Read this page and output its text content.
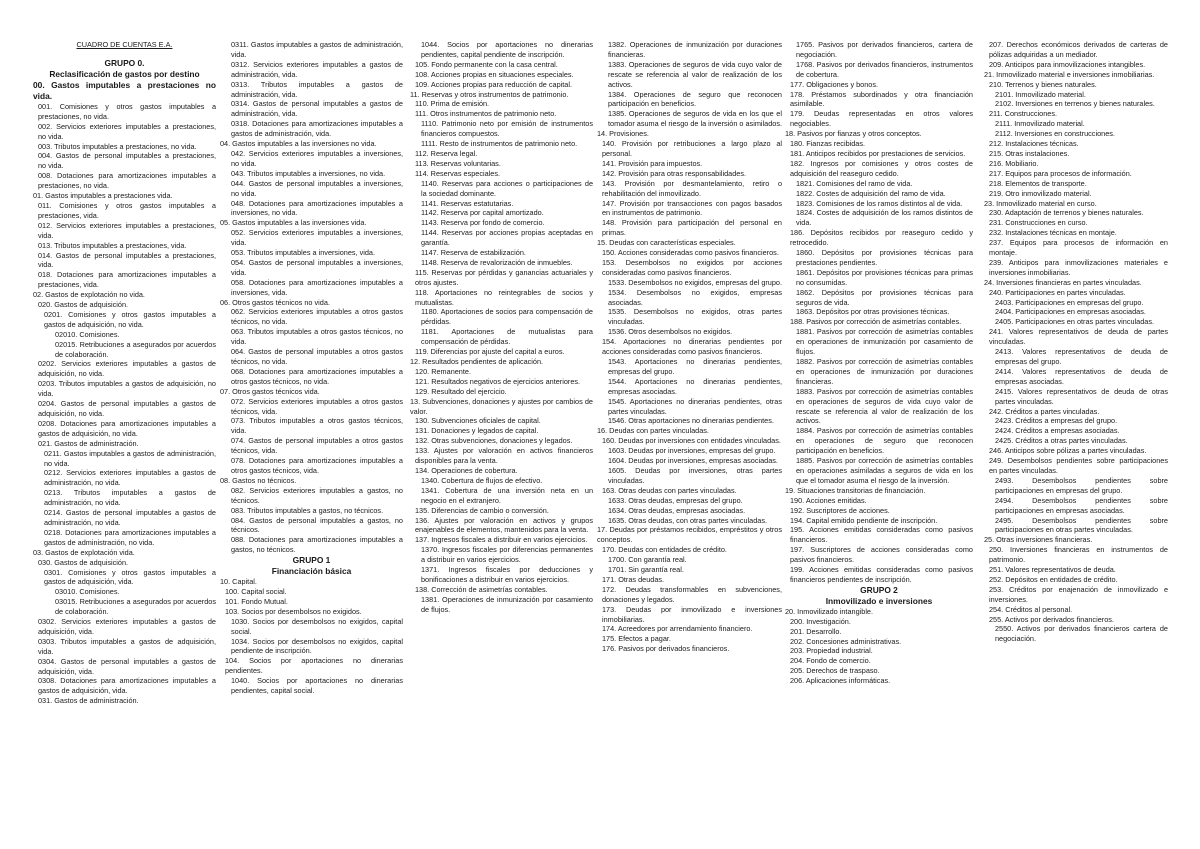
CUADRO DE CUENTAS E.A.

GRUPO 0.

Reclasificación de gastos por destino

00. Gastos imputables a prestaciones no vida.

001. Comisiones y otros gastos imputables a prestaciones, no vida.

002. Servicios exteriores imputables a prestaciones, no vida.

003. Tributos imputables a prestaciones, no vida.

004. Gastos de personal imputables a prestaciones, no vida.

008. Dotaciones para amortizaciones imputables a prestaciones, no vida.

01. Gastos imputables a prestaciones vida.

011. Comisiones y otros gastos imputables a prestaciones, vida.

012. Servicios exteriores imputables a prestaciones, vida.

013. Tributos imputables a prestaciones, vida.

014. Gastos de personal imputables a prestaciones, vida.

018. Dotaciones para amortizaciones imputables a prestaciones, vida.

02. Gastos de explotación no vida.

020. Gastos de adquisición.

0201. Comisiones y otros gastos imputables a gastos de adquisición, no vida.

02010. Comisiones.

02015. Retribuciones a asegurados por acuerdos de colaboración.

0202. Servicios exteriores imputables a gastos de adquisición, no vida.

0203. Tributos imputables a gastos de adquisición, no vida.

0204. Gastos de personal imputables a gastos de adquisición, no vida.

0208. Dotaciones para amortizaciones imputables a gastos de adquisición, no vida.

021. Gastos de administración.

0211. Gastos imputables a gastos de administración, no vida.

0212. Servicios exteriores imputables a gastos de administración, no vida.

0213. Tributos imputables a gastos de administración, no vida.

0214. Gastos de personal imputables a gastos de administración, no vida.

0218. Dotaciones para amortizaciones imputables a gastos de administración, no vida.

03. Gastos de explotación vida.

030. Gastos de adquisición.

0301. Comisiones y otros gastos imputables a gastos de adquisición, vida.

03010. Comisiones.

03015. Retribuciones a asegurados por acuerdos de colaboración.

0302. Servicios exteriores imputables a gastos de adquisición, vida.

0303. Tributos imputables a gastos de adquisición, vida.

0304. Gastos de personal imputables a gastos de adquisición, vida.

0308. Dotaciones para amortizaciones imputables a gastos de adquisición, vida.

031. Gastos de administración.

0311. Gastos imputables a gastos de administración, vida.

0312. Servicios exteriores imputables a gastos de administración, vida.

0313. Tributos imputables a gastos de administración, vida.

0314. Gastos de personal imputables a gastos de administración, vida.

0318. Dotaciones para amortizaciones imputables a gastos de administración, vida.

04. Gastos imputables a las inversiones no vida.

042. Servicios exteriores imputables a inversiones, no vida.

043. Tributos imputables a inversiones, no vida.

044. Gastos de personal imputables a inversiones, no vida.

048. Dotaciones para amortizaciones imputables a inversiones, no vida.

05. Gastos imputables a las inversiones vida.

052. Servicios exteriores imputables a inversiones, vida.

053. Tributos imputables a inversiones, vida.

054. Gastos de personal imputables a inversiones, vida.

058. Dotaciones para amortizaciones imputables a inversiones, vida.

06. Otros gastos técnicos no vida.

062. Servicios exteriores imputables a otros gastos técnicos, no vida.

063. Tributos imputables a otros gastos técnicos, no vida.

064. Gastos de personal imputables a otros gastos técnicos, no vida.

068. Dotaciones para amortizaciones imputables a otros gastos técnicos, no vida.

07. Otros gastos técnicos vida.

072. Servicios exteriores imputables a otros gastos técnicos, vida.

073. Tributos imputables a otros gastos técnicos, vida.

074. Gastos de personal imputables a otros gastos técnicos, vida.

078. Dotaciones para amortizaciones imputables a otros gastos técnicos, vida.

08. Gastos no técnicos.

082. Servicios exteriores imputables a gastos, no técnicos.

083. Tributos imputables a gastos, no técnicos.

084. Gastos de personal imputables a gastos, no técnicos.

088. Dotaciones para amortizaciones imputables a gastos, no técnicos.

GRUPO 1

Financiación básica

10. Capital.

100. Capital social.

101. Fondo Mutual.

103. Socios por desembolsos no exigidos.

1030. Socios por desembolsos no exigidos, capital social.

1034. Socios por desembolsos no exigidos, capital pendiente de inscripción.

104. Socios por aportaciones no dinerarias pendientes.

1040. Socios por aportaciones no dinerarias pendientes, capital social.

1044. Socios por aportaciones no dinerarias pendientes, capital pendiente de inscripción.

105. Fondo permanente con la casa central.

108. Acciones propias en situaciones especiales.

109. Acciones propias para reducción de capital.

11. Reservas y otros instrumentos de patrimonio.

110. Prima de emisión.

111. Otros instrumentos de patrimonio neto.

1110. Patrimonio neto por emisión de instrumentos financieros compuestos.

1111. Resto de instrumentos de patrimonio neto.

112. Reserva legal.

113. Reservas voluntarias.

114. Reservas especiales.

1140. Reservas para acciones o participaciones de la sociedad dominante.

1141. Reservas estatutarias.

1142. Reserva por capital amortizado.

1143. Reserva por fondo de comercio.

1144. Reservas por acciones propias aceptadas en garantía.

1147. Reserva de estabilización.

1148. Reserva de revalorización de inmuebles.

115. Reservas por pérdidas y ganancias actuariales y otros ajustes.

118. Aportaciones no reintegrables de socios y mutualistas.

1180. Aportaciones de socios para compensación de pérdidas.

1181. Aportaciones de mutualistas para compensación de pérdidas.

119. Diferencias por ajuste del capital a euros.

12. Resultados pendientes de aplicación.

120. Remanente.

121. Resultados negativos de ejercicios anteriores.

129. Resultado del ejercicio.

13. Subvenciones, donaciones y ajustes por cambios de valor.

130. Subvenciones oficiales de capital.

131. Donaciones y legados de capital.

132. Otras subvenciones, donaciones y legados.

133. Ajustes por valoración en activos financieros disponibles para la venta.

134. Operaciones de cobertura.

1340. Cobertura de flujos de efectivo.

1341. Cobertura de una inversión neta en un negocio en el extranjero.

135. Diferencias de cambio o conversión.

136. Ajustes por valoración en activos y grupos enajenables de elementos, mantenidos para la venta.

137. Ingresos fiscales a distribuir en varios ejercicios.

1370. Ingresos fiscales por diferencias permanentes a distribuir en varios ejercicios.

1371. Ingresos fiscales por deducciones y bonificaciones a distribuir en varios ejercicios.

138. Corrección de asimetrías contables.

1381. Operaciones de inmunización por casamiento de flujos.

1382. Operaciones de inmunización por duraciones financieras.

1383. Operaciones de seguros de vida cuyo valor de rescate se referencia al valor de realización de los activos.

1384. Operaciones de seguro que reconocen participación en beneficios.

1385. Operaciones de seguros de vida en los que el tomador asuma el riesgo de la inversión o asimilados.

14. Provisiones.

140. Provisión por retribuciones a largo plazo al personal.

141. Provisión para impuestos.

142. Provisión para otras responsabilidades.

143. Provisión por desmantelamiento, retiro o rehabilitación del inmovilizado.

147. Provisión por transacciones con pagos basados en instrumentos de patrimonio.

148. Provisión para participación del personal en primas.

15. Deudas con características especiales.

150. Acciones consideradas como pasivos financieros.

153. Desembolsos no exigidos por acciones consideradas como pasivos financieros.

1533. Desembolsos no exigidos, empresas del grupo.

1534. Desembolsos no exigidos, empresas asociadas.

1535. Desembolsos no exigidos, otras partes vinculadas.

1536. Otros desembolsos no exigidos.

154. Aportaciones no dinerarias pendientes por acciones consideradas como pasivos financieros.

1543. Aportaciones no dinerarias pendientes, empresas del grupo.

1544. Aportaciones no dinerarias pendientes, empresas asociadas.

1545. Aportaciones no dinerarias pendientes, otras partes vinculadas.

1546. Otras aportaciones no dinerarias pendientes.

16. Deudas con partes vinculadas.

160. Deudas por inversiones con entidades vinculadas.

1603. Deudas por inversiones, empresas del grupo.

1604. Deudas por inversiones, empresas asociadas.

1605. Deudas por inversiones, otras partes vinculadas.

163. Otras deudas con partes vinculadas.

1633. Otras deudas, empresas del grupo.

1634. Otras deudas, empresas asociadas.

1635. Otras deudas, con otras partes vinculadas.

17. Deudas por préstamos recibidos, empréstitos y otros conceptos.

170. Deudas con entidades de crédito.

1700. Con garantía real.

1701. Sin garantía real.

171. Otras deudas.

172. Deudas transformables en subvenciones, donaciones y legados.

173. Deudas por inmovilizado e inversiones inmobiliarias.

174. Acreedores por arrendamiento financiero.

175. Efectos a pagar.

176. Pasivos por derivados financieros.

1765. Pasivos por derivados financieros, cartera de negociación.

1768. Pasivos por derivados financieros, instrumentos de cobertura.

177. Obligaciones y bonos.

178. Préstamos subordinados y otra financiación asimilable.

179. Deudas representadas en otros valores negociables.

18. Pasivos por fianzas y otros conceptos.

180. Fianzas recibidas.

181. Anticipos recibidos por prestaciones de servicios.

182. Ingresos por comisiones y otros costes de adquisición del reaseguro cedido.

1821. Comisiones del ramo de vida.

1822. Costes de adquisición del ramo de vida.

1823. Comisiones de los ramos distintos al de vida.

1824. Costes de adquisición de los ramos distintos de vida.

186. Depósitos recibidos por reaseguro cedido y retrocedido.

1860. Depósitos por provisiones técnicas para prestaciones pendientes.

1861. Depósitos por provisiones técnicas para primas no consumidas.

1862. Depósitos por provisiones técnicas para seguros de vida.

1863. Depósitos por otras provisiones técnicas.

188. Pasivos por corrección de asimetrías contables.

1881. Pasivos por corrección de asimetrías contables en operaciones de inmunización por casamiento de flujos.

1882. Pasivos por corrección de asimetrías contables en operaciones de inmunización por duraciones financieras.

1883. Pasivos por corrección de asimetrías contables en operaciones de seguros de vida cuyo valor de rescate se referencia al valor de realización de los activos.

1884. Pasivos por corrección de asimetrías contables en operaciones de seguro que reconocen participación en beneficios.

1885. Pasivos por corrección de asimetrías contables en operaciones asimiladas a seguros de vida en los que el tomador asuma el riesgo de la inversión.

19. Situaciones transitorias de financiación.

190. Acciones emitidas.

192. Suscriptores de acciones.

194. Capital emitido pendiente de inscripción.

195. Acciones emitidas consideradas como pasivos financieros.

197. Suscriptores de acciones consideradas como pasivos financieros.

199. Acciones emitidas consideradas como pasivos financieros pendientes de inscripción.

GRUPO 2

Inmovilizado e inversiones

20. Inmovilizado intangible.

200. Investigación.

201. Desarrollo.

202. Concesiones administrativas.

203. Propiedad industrial.

204. Fondo de comercio.

205. Derechos de traspaso.

206. Aplicaciones informáticas.

207. Derechos económicos derivados de carteras de pólizas adquiridas a un mediador.

209. Anticipos para inmovilizaciones intangibles.

21. Inmovilizado material e inversiones inmobiliarias.

210. Terrenos y bienes naturales.

2101. Inmovilizado material.

2102. Inversiones en terrenos y bienes naturales.

211. Construcciones.

2111. Inmovilizado material.

2112. Inversiones en construcciones.

212. Instalaciones técnicas.

215. Otras instalaciones.

216. Mobiliario.

217. Equipos para procesos de información.

218. Elementos de transporte.

219. Otro inmovilizado material.

23. Inmovilizado material en curso.

230. Adaptación de terrenos y bienes naturales.

231. Construcciones en curso.

232. Instalaciones técnicas en montaje.

237. Equipos para procesos de información en montaje.

239. Anticipos para inmovilizaciones materiales e inversiones inmobiliarias.

24. Inversiones financieras en partes vinculadas.

240. Participaciones en partes vinculadas.

2403. Participaciones en empresas del grupo.

2404. Participaciones en empresas asociadas.

2405. Participaciones en otras partes vinculadas.

241. Valores representativos de deuda de partes vinculadas.

2413. Valores representativos de deuda de empresas del grupo.

2414. Valores representativos de deuda de empresas asociadas.

2415. Valores representativos de deuda de otras partes vinculadas.

242. Créditos a partes vinculadas.

2423. Créditos a empresas del grupo.

2424. Créditos a empresas asociadas.

2425. Créditos a otras partes vinculadas.

246. Anticipos sobre pólizas a partes vinculadas.

249. Desembolsos pendientes sobre participaciones en partes vinculadas.

2493. Desembolsos pendientes sobre participaciones en empresas del grupo.

2494. Desembolsos pendientes sobre participaciones en empresas asociadas.

2495. Desembolsos pendientes sobre participaciones en otras partes vinculadas.

25. Otras inversiones financieras.

250. Inversiones financieras en instrumentos de patrimonio.

251. Valores representativos de deuda.

252. Depósitos en entidades de crédito.

253. Créditos por enajenación de inmovilizado e inversiones.

254. Créditos al personal.

255. Activos por derivados financieros.

2550. Activos por derivados financieros cartera de negociación.
